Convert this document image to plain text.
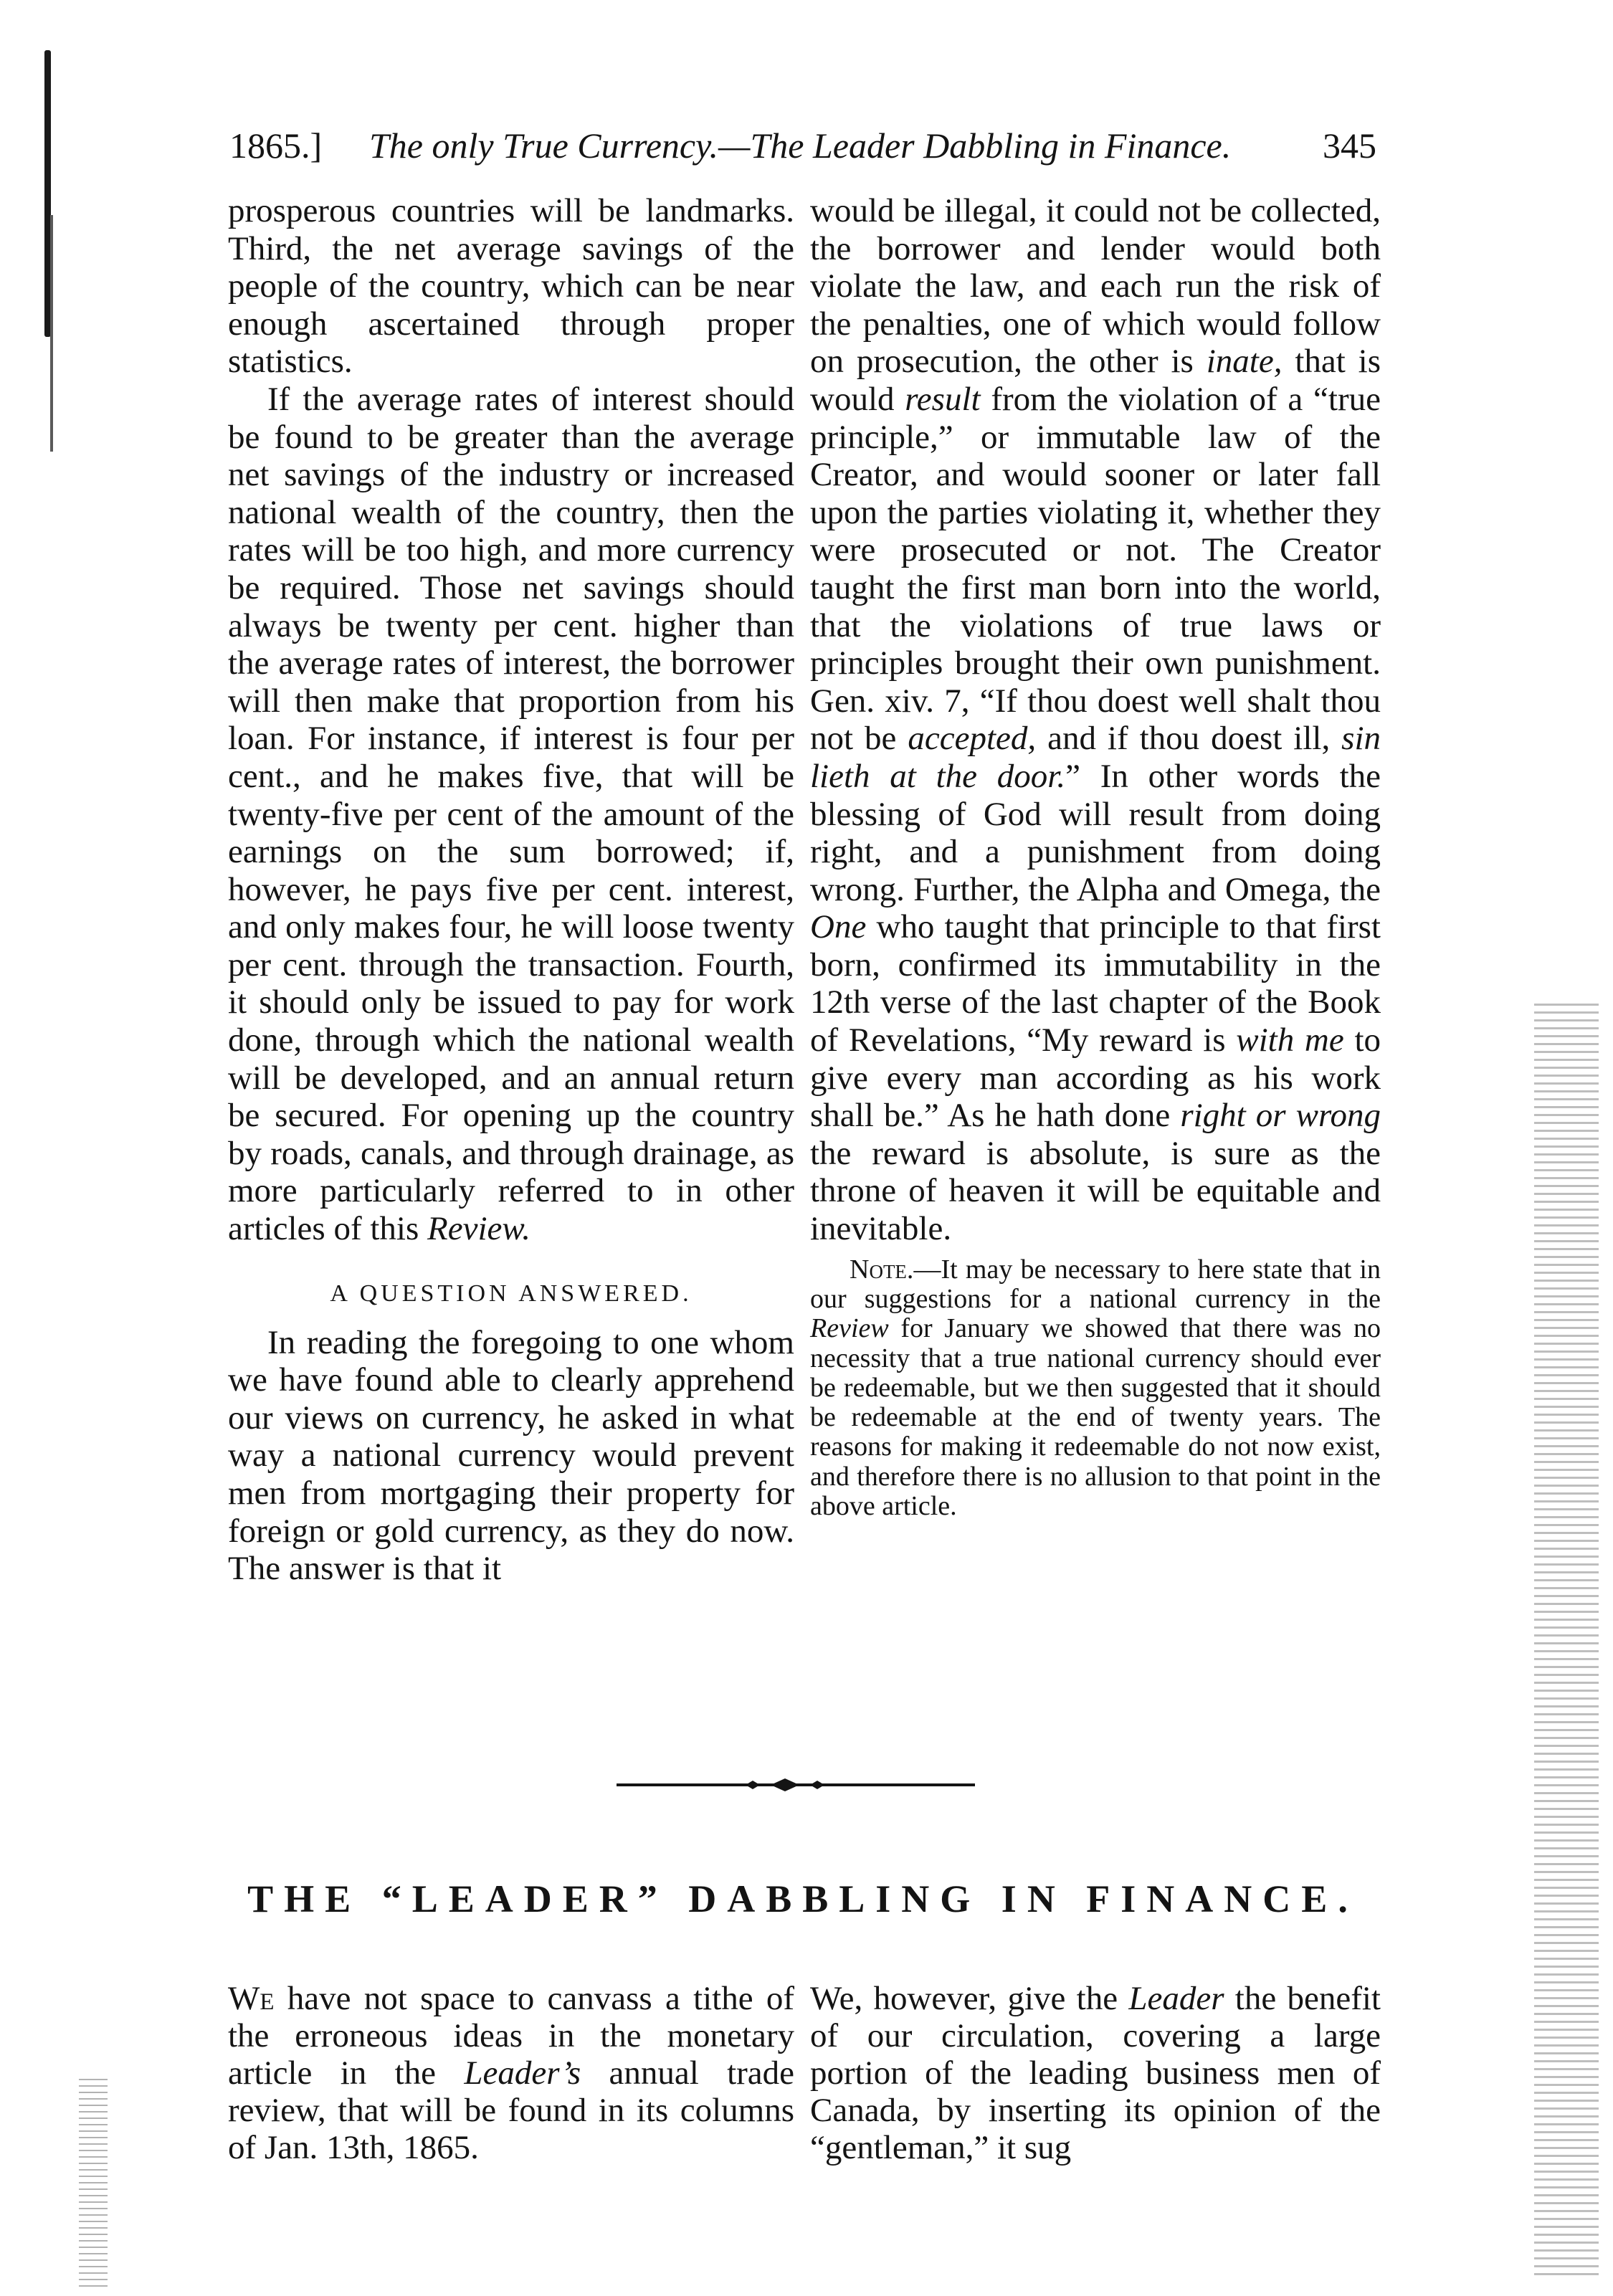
1865.] The only True Currency.—The Leader Dabbling in Finance.	345

prosperous countries will be landmarks. Third, the net average savings of the people of the country, which can be near enough ascertained through proper statistics.

If the average rates of interest should be found to be greater than the average net savings of the industry or increased national wealth of the country, then the rates will be too high, and more currency be required. Those net savings should always be twenty per cent. higher than the average rates of interest, the borrower will then make that proportion from his loan. For instance, if interest is four per cent., and he makes five, that will be twenty-five per cent of the amount of the earnings on the sum borrowed; if, however, he pays five per cent. interest, and only makes four, he will loose twenty per cent. through the transaction. Fourth, it should only be issued to pay for work done, through which the national wealth will be developed, and an annual return be secured. For opening up the country by roads, canals, and through drainage, as more particularly referred to in other articles of this Review.

A QUESTION ANSWERED.

In reading the foregoing to one whom we have found able to clearly apprehend our views on currency, he asked in what way a national currency would prevent men from mortgaging their property for foreign or gold currency, as they do now. The answer is that it

would be illegal, it could not be collected, the borrower and lender would both violate the law, and each run the risk of the penalties, one of which would follow on prosecution, the other is inate, that is would result from the violation of a “true principle,” or immutable law of the Creator, and would sooner or later fall upon the parties violating it, whether they were prosecuted or not. The Creator taught the first man born into the world, that the violations of true laws or principles brought their own punishment. Gen. xiv. 7, “If thou doest well shalt thou not be accepted, and if thou doest ill, sin lieth at the door.” In other words the blessing of God will result from doing right, and a punishment from doing wrong. Further, the Alpha and Omega, the One who taught that principle to that first born, confirmed its immutability in the 12th verse of the last chapter of the Book of Revelations, “My reward is with me to give every man according as his work shall be.” As he hath done right or wrong the reward is absolute, is sure as the throne of heaven it will be equitable and inevitable.

Note.—It may be necessary to here state that in our suggestions for a national currency in the Review for January we showed that there was no necessity that a true national currency should ever be redeemable, but we then suggested that it should be redeemable at the end of twenty years. The reasons for making it redeemable do not now exist, and therefore there is no allusion to that point in the above article.

THE “LEADER” DABBLING IN FINANCE.

We have not space to canvass a tithe of the erroneous ideas in the monetary article in the Leader’s annual trade review, that will be found in its columns of Jan. 13th, 1865.

We, however, give the Leader the benefit of our circulation, covering a large portion of the leading business men of Canada, by inserting its opinion of the “gentleman,” it sug
